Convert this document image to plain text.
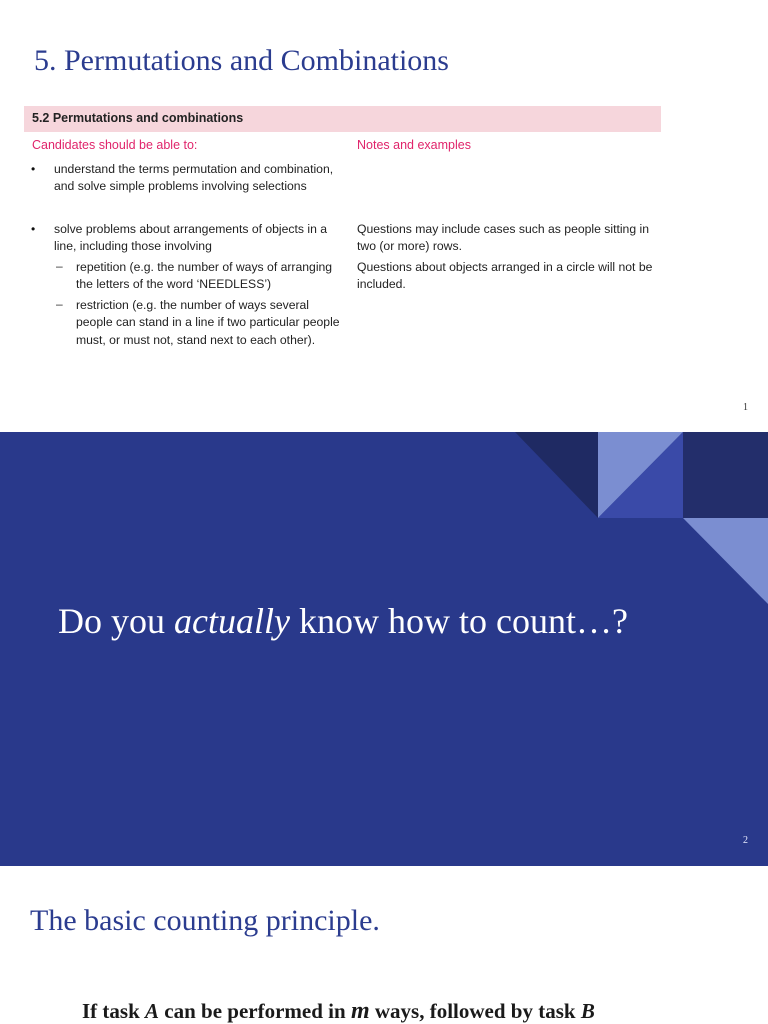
5. Permutations and Combinations
5.2 Permutations and combinations
Candidates should be able to:	Notes and examples
• understand the terms permutation and combination, and solve simple problems involving selections
• solve problems about arrangements of objects in a line, including those involving
– repetition (e.g. the number of ways of arranging the letters of the word ‘NEEDLESS’)
– restriction (e.g. the number of ways several people can stand in a line if two particular people must, or must not, stand next to each other).
Questions may include cases such as people sitting in two (or more) rows.
Questions about objects arranged in a circle will not be included.
1
Do you actually know how to count…?
2
The basic counting principle.
If task A can be performed in m ways, followed by task B
